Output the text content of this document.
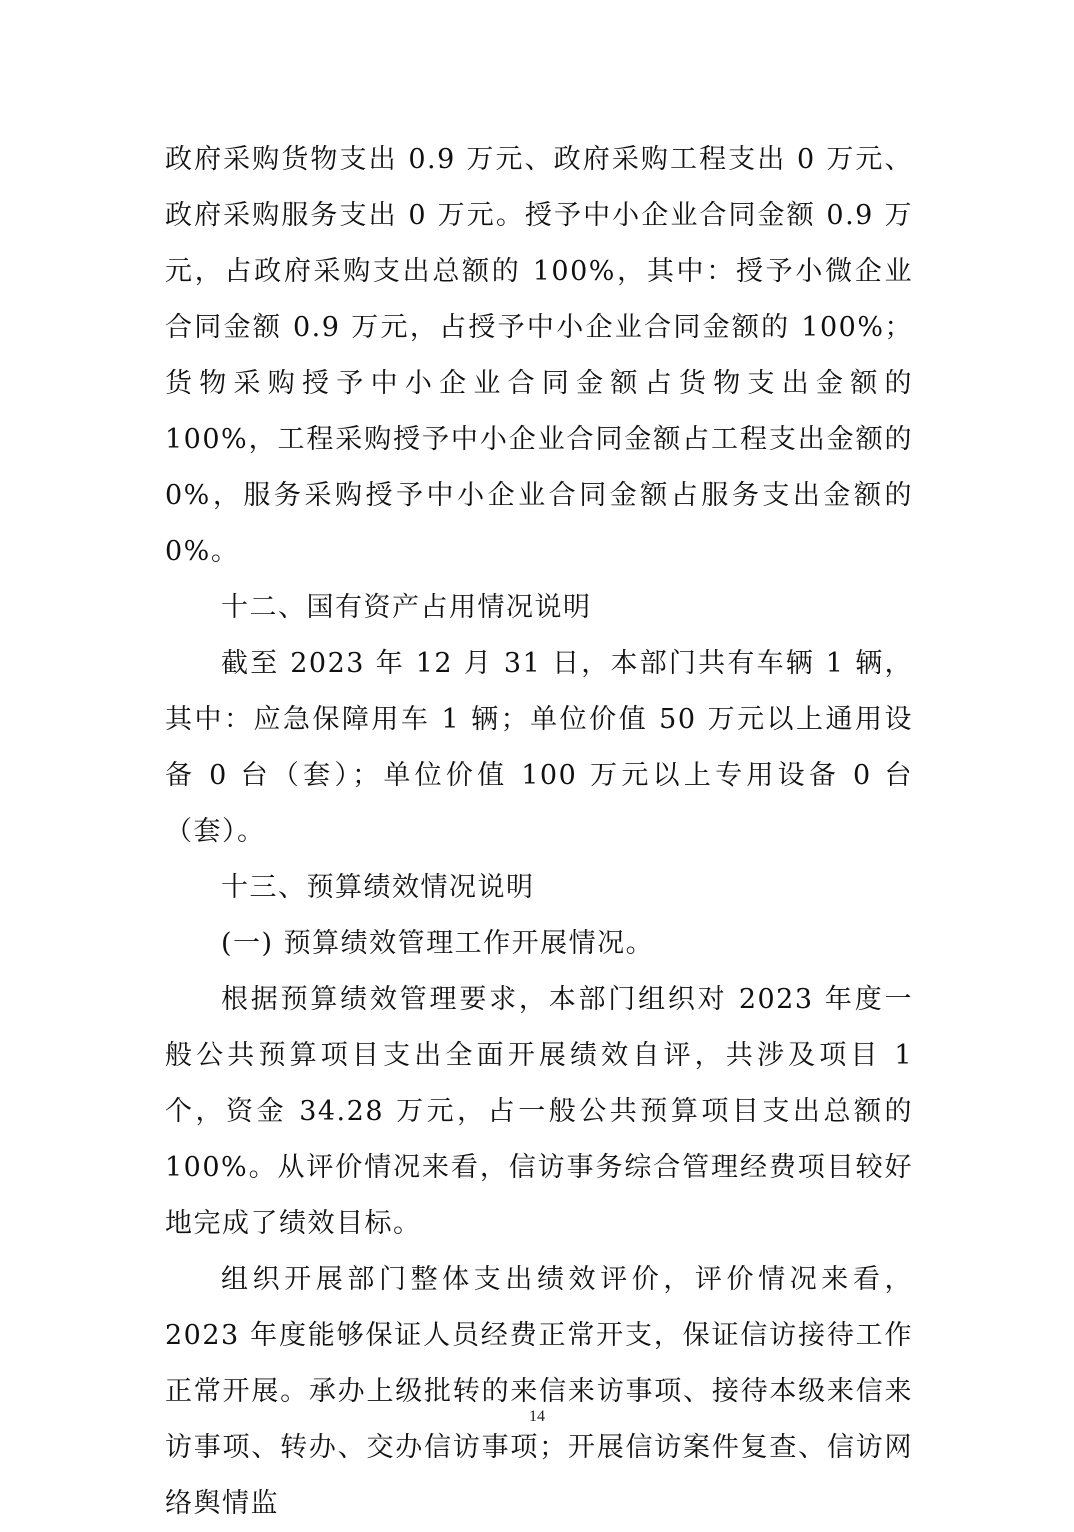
政府采购货物支出 0.9 万元、政府采购工程支出 0 万元、政府采购服务支出 0 万元。授予中小企业合同金额 0.9 万元，占政府采购支出总额的 100%，其中：授予小微企业合同金额 0.9 万元，占授予中小企业合同金额的 100%；货物采购授予中小企业合同金额占货物支出金额的 100%，工程采购授予中小企业合同金额占工程支出金额的 0%，服务采购授予中小企业合同金额占服务支出金额的 0%。

十二、国有资产占用情况说明

截至 2023 年 12 月 31 日，本部门共有车辆 1 辆，其中：应急保障用车 1 辆；单位价值 50 万元以上通用设备 0 台（套）；单位价值 100 万元以上专用设备 0 台（套）。

十三、预算绩效情况说明

(一) 预算绩效管理工作开展情况。

根据预算绩效管理要求，本部门组织对 2023 年度一般公共预算项目支出全面开展绩效自评，共涉及项目 1 个，资金 34.28 万元，占一般公共预算项目支出总额的 100%。从评价情况来看，信访事务综合管理经费项目较好地完成了绩效目标。

组织开展部门整体支出绩效评价，评价情况来看，2023 年度能够保证人员经费正常开支，保证信访接待工作正常开展。承办上级批转的来信来访事项、接待本级来信来访事项、转办、交办信访事项；开展信访案件复查、信访网络舆情监

14
